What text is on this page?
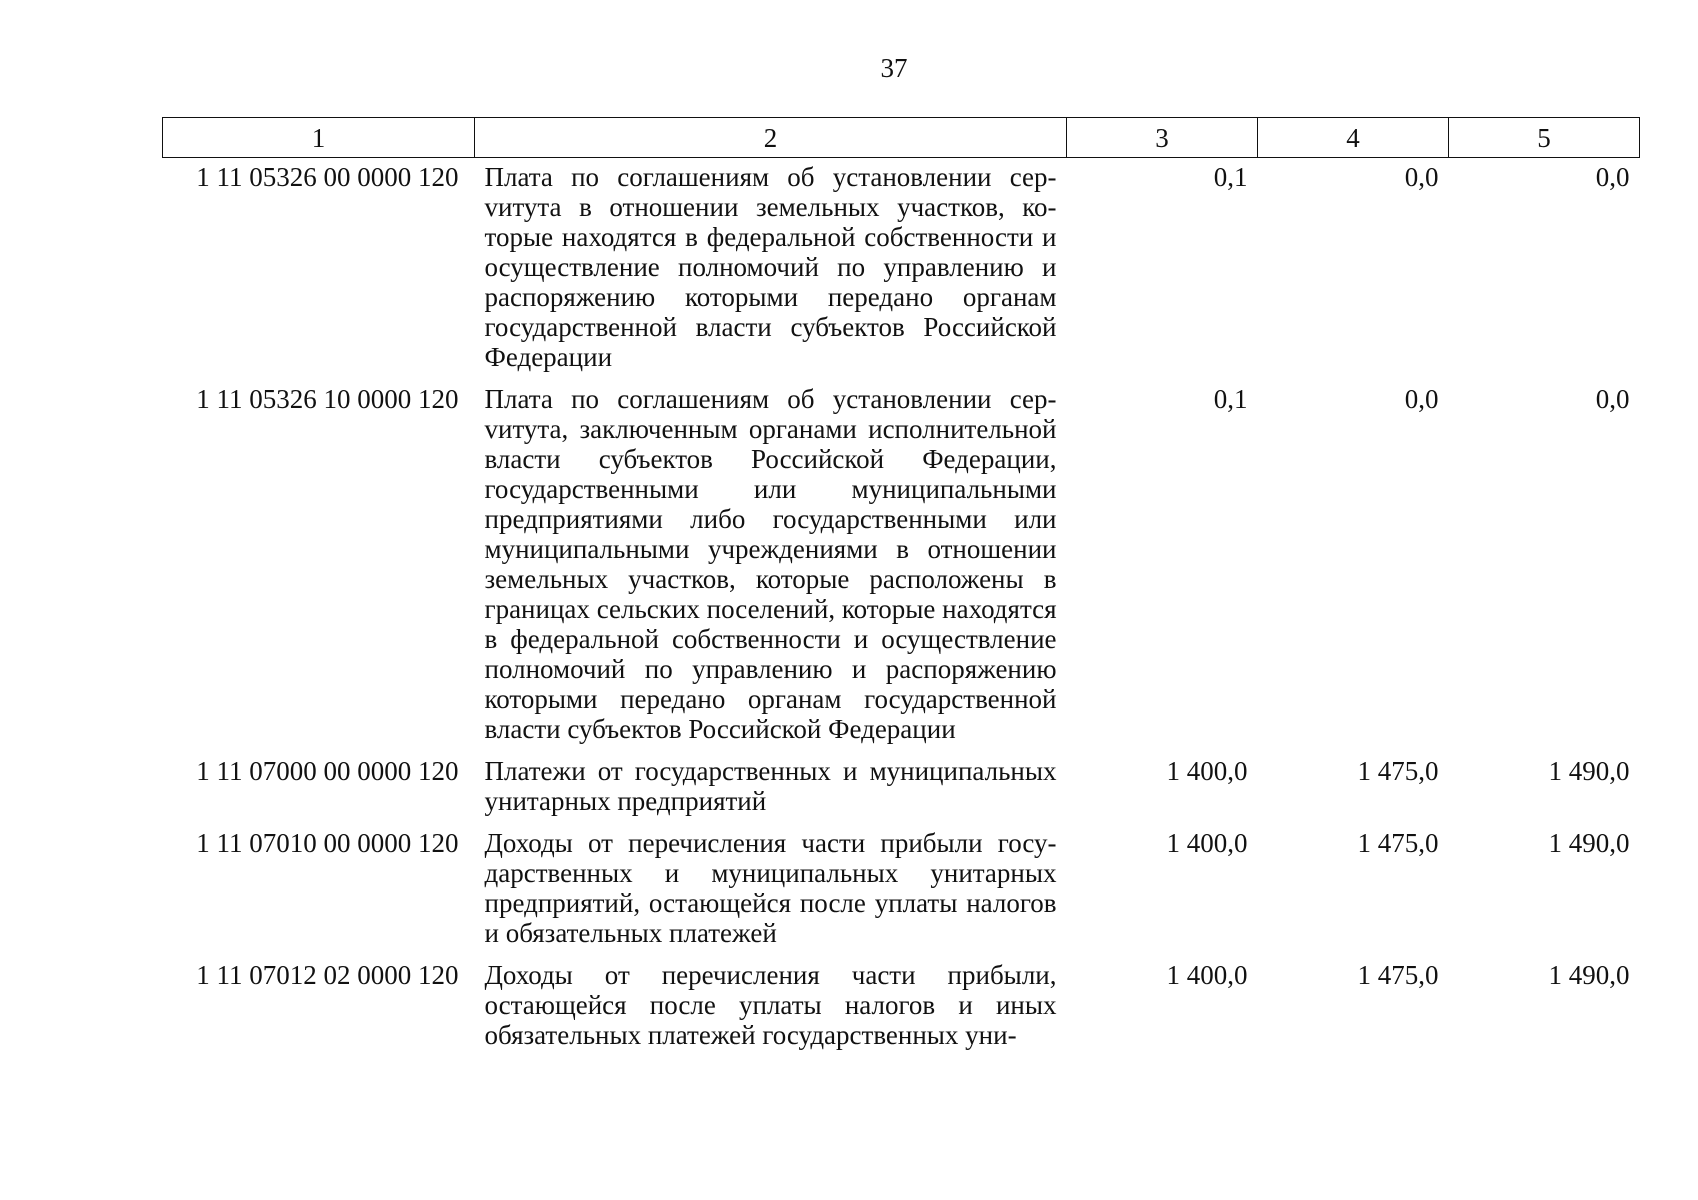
37
1	2	3	4	5
1 11 05326 00 0000 120	Плата по соглашениям об установлении серvитута в отношении земельных участков, которые находятся в федеральной собственности и осуществление полномочий по управлению и распоряжению которыми передано органам государственной власти субъектов Российской Федерации	0,1	0,0	0,0
1 11 05326 10 0000 120	Плата по соглашениям об установлении серvитута, заключенным органами исполнительной власти субъектов Российской Федерации, государственными или муниципальными предприятиями либо государственными или муниципальными учреждениями в отношении земельных участков, которые расположены в границах сельских поселений, которые находятся в федеральной собственности и осуществление полномочий по управлению и распоряжению которыми передано органам государственной власти субъектов Российской Федерации	0,1	0,0	0,0
1 11 07000 00 0000 120	Платежи от государственных и муниципальных унитарных предприятий	1 400,0	1 475,0	1 490,0
1 11 07010 00 0000 120	Доходы от перечисления части прибыли государственных и муниципальных унитарных предприятий, остающейся после уплаты налогов и обязательных платежей	1 400,0	1 475,0	1 490,0
1 11 07012 02 0000 120	Доходы от перечисления части прибыли, остающейся после уплаты налогов и иных обязательных платежей государственных уни-	1 400,0	1 475,0	1 490,0
